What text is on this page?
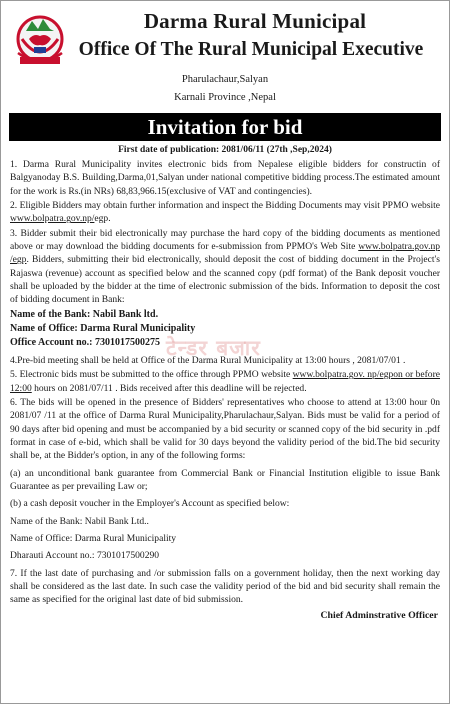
Darma Rural Municipal
Office Of The Rural Municipal Executive
Pharulachaur,Salyan
Karnali Province ,Nepal
Invitation for bid
First date of publication: 2081/06/11 (27th ,Sep,2024)

1. Darma Rural Municipality invites electronic bids from Nepalese eligible bidders for constructin of Balgyanoday B.S. Building,Darma,01,Salyan under national competitive bidding process.The estimated amount for the work is Rs.(in NRs) 68,83,966.15(exclusive of VAT and contingencies).

2. Eligible Bidders may obtain further information and inspect the Bidding Documents may visit PPMO website www.bolpatra.gov.np/egp.

3. Bidder submit their bid electronically may purchase the hard copy of the bidding documents as mentioned above or may download the bidding documents for e-submission from PPMO's Web Site www.bolpatra.gov.np /egp. Bidders, submitting their bid electronically, should deposit the cost of bidding document in the Project's Rajaswa (revenue) account as specified below and the scanned copy (pdf format) of the Bank deposit voucher shall be uploaded by the bidder at the time of electronic submission of the bids. Information to deposit the cost of bidding document in Bank:

Name of the Bank: Nabil Bank ltd.

Name of Office: Darma Rural Municipality

Office Account no.: 7301017500275

4.Pre-bid meeting shall be held at Office of the Darma Rural Municipality at 13:00 hours , 2081/07/01 .

5. Electronic bids must be submitted to the office through PPMO website www.bolpatra.gov. np/egpon or before 12:00 hours on 2081/07/11 . Bids received after this deadline will be rejected.

6. The bids will be opened in the presence of Bidders' representatives who choose to attend at 13:00 hour 0n 2081/07 /11 at the office of Darma Rural Municipality,Pharulachaur,Salyan. Bids must be valid for a period of 90 days after bid opening and must be accompanied by a bid security or scanned copy of the bid security in .pdf format in case of e-bid, which shall be valid for 30 days beyond the validity period of the bid.The bid security shall be, at the Bidder's option, in any of the following forms:

(a) an unconditional bank guarantee from Commercial Bank or Financial Institution eligible to issue Bank Guarantee as per prevailing Law or;

(b) a cash deposit voucher in the Employer's Account as specified below:

Name of the Bank: Nabil Bank Ltd..

Name of Office: Darma Rural Municipality

Dharauti Account no.: 7301017500290

7. If the last date of purchasing and /or submission falls on a government holiday, then the next working day shall be considered as the last date. In such case the validity period of the bid and bid security shall remain the same as specified for the original last date of bid submission.

Chief Adminstrative Officer
टेन्डर बजार
